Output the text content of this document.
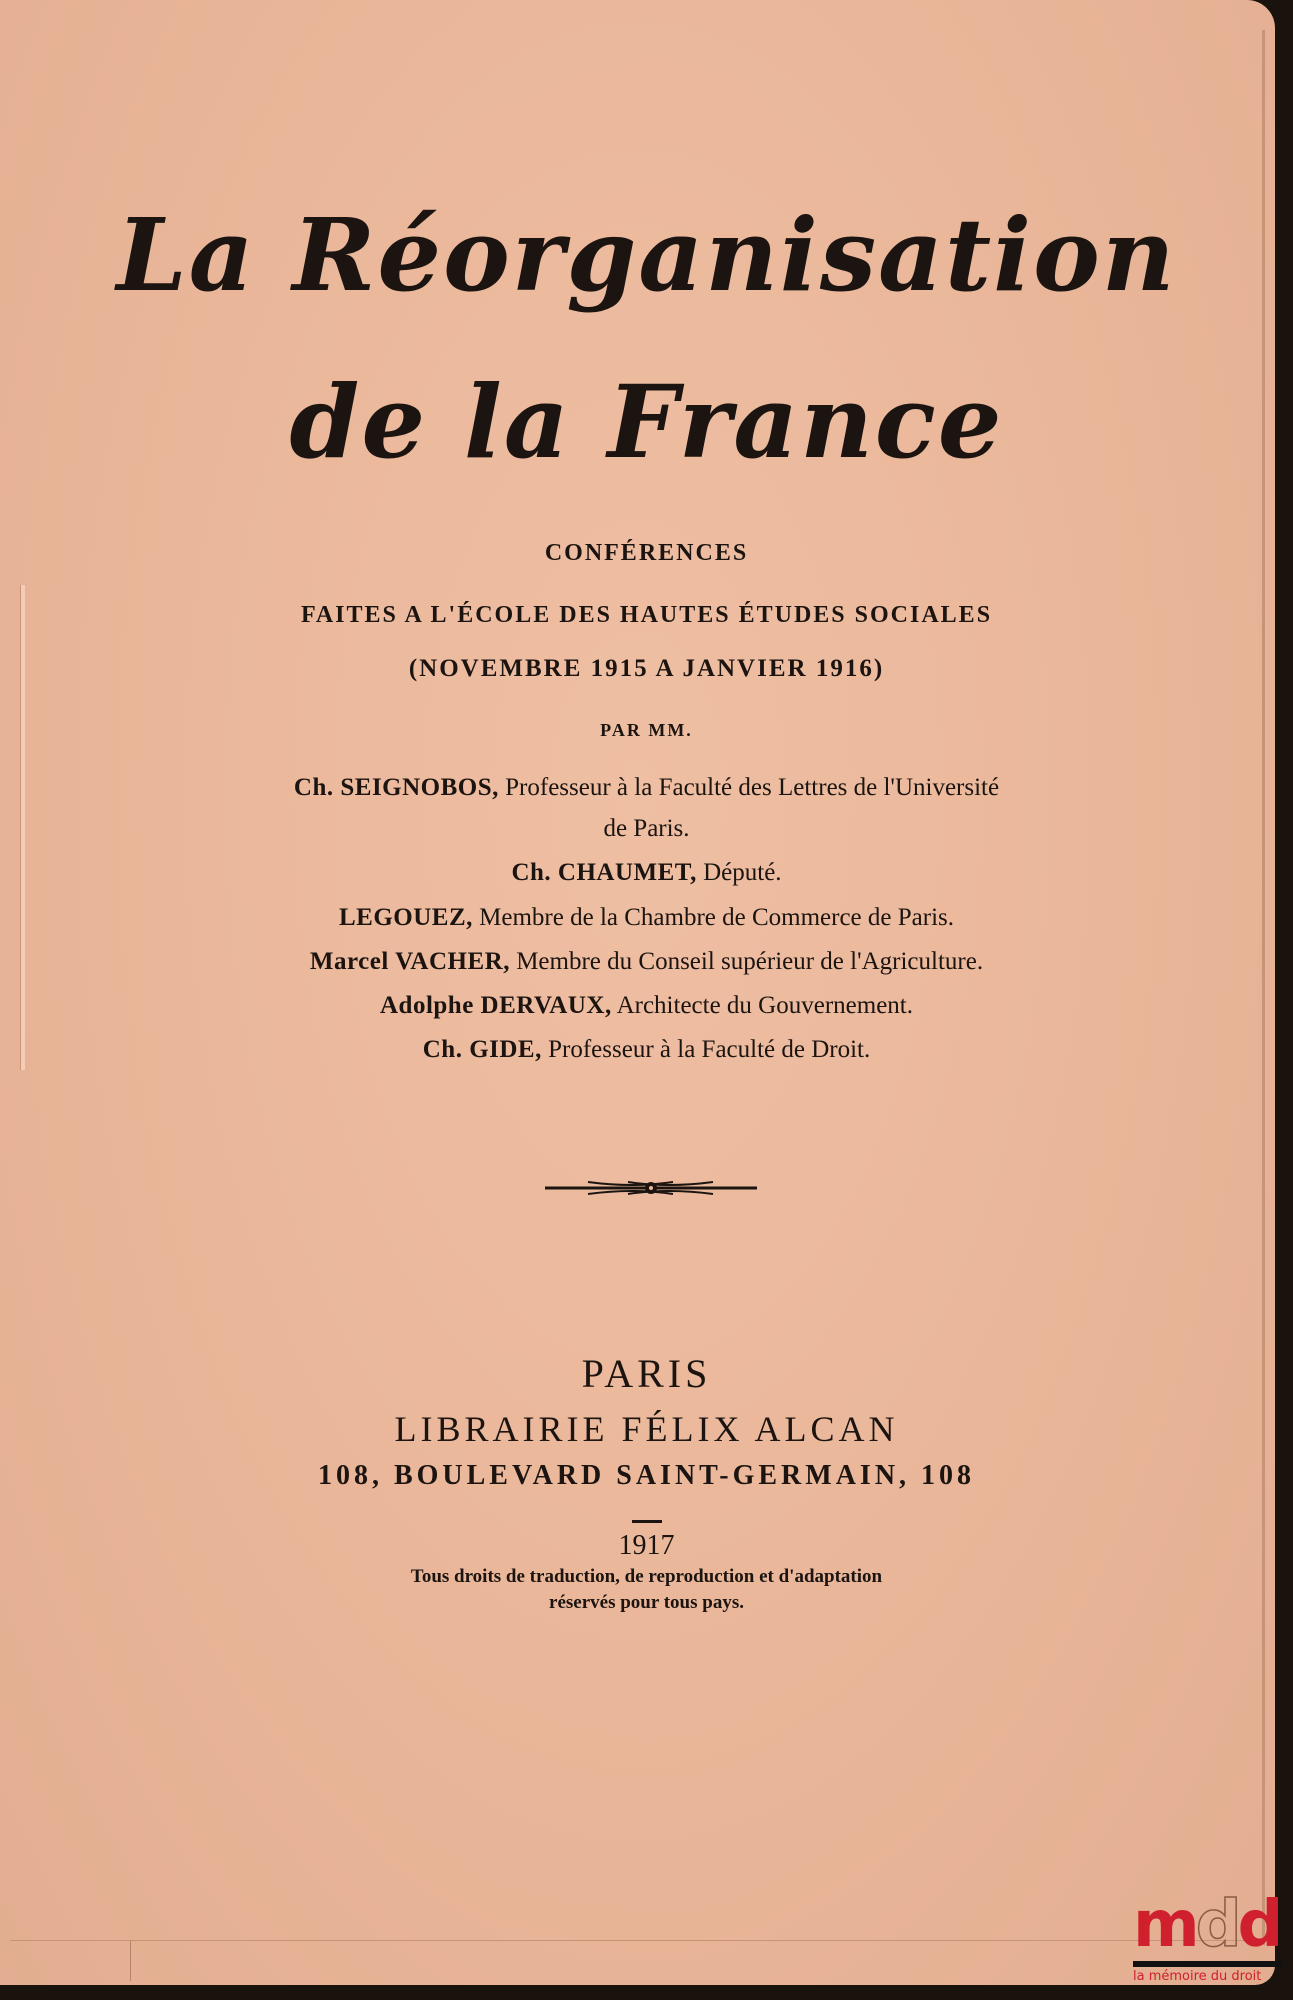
La Réorganisation
de la France
CONFÉRENCES
FAITES A L'ÉCOLE DES HAUTES ÉTUDES SOCIALES
(NOVEMBRE 1915 A JANVIER 1916)
PAR MM.
Ch. SEIGNOBOS, Professeur à la Faculté des Lettres de l'Université
de Paris.
Ch. CHAUMET, Député.
LEGOUEZ, Membre de la Chambre de Commerce de Paris.
Marcel VACHER, Membre du Conseil supérieur de l'Agriculture.
Adolphe DERVAUX, Architecte du Gouvernement.
Ch. GIDE, Professeur à la Faculté de Droit.
PARIS
LIBRAIRIE FÉLIX ALCAN
108, BOULEVARD SAINT-GERMAIN, 108
1917
Tous droits de traduction, de reproduction et d'adaptation
réservés pour tous pays.
mdd
la mémoire du droit
